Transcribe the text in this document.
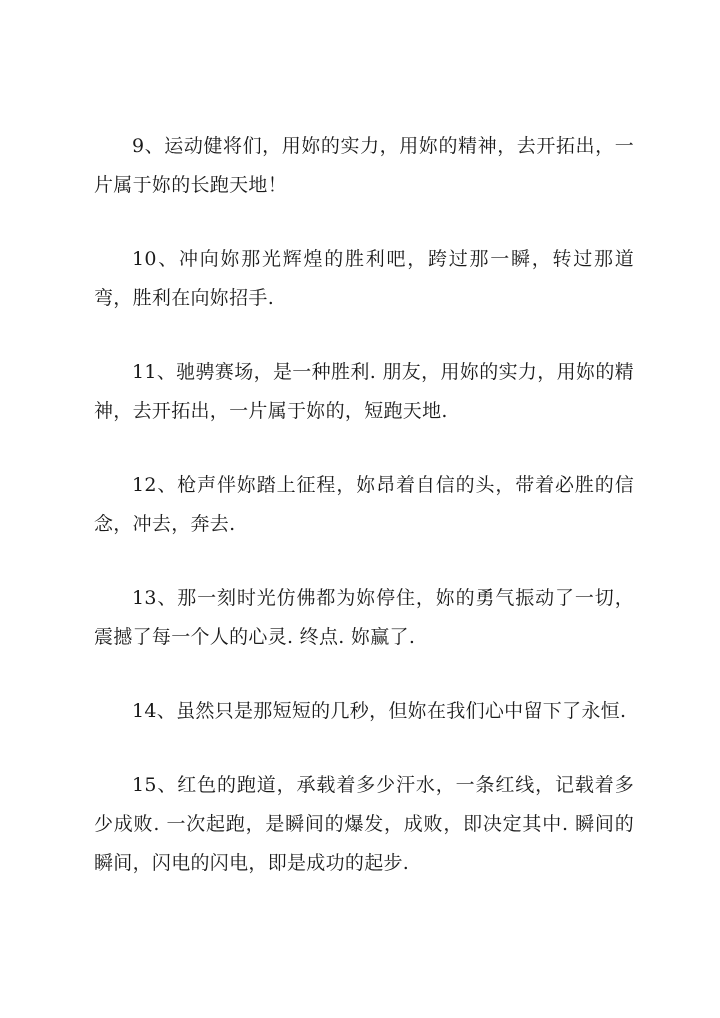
9、运动健将们，用妳的实力，用妳的精神，去开拓出，一片属于妳的长跑天地！

10、冲向妳那光辉煌的胜利吧，跨过那一瞬，转过那道弯，胜利在向妳招手.

11、驰骋赛场，是一种胜利. 朋友，用妳的实力，用妳的精神，去开拓出，一片属于妳的，短跑天地.

12、枪声伴妳踏上征程，妳昂着自信的头，带着必胜的信念，冲去，奔去.

13、那一刻时光仿佛都为妳停住，妳的勇气振动了一切，震撼了每一个人的心灵. 终点. 妳赢了.

14、虽然只是那短短的几秒，但妳在我们心中留下了永恒.

15、红色的跑道，承载着多少汗水，一条红线，记载着多少成败. 一次起跑，是瞬间的爆发，成败，即决定其中. 瞬间的瞬间，闪电的闪电，即是成功的起步.
